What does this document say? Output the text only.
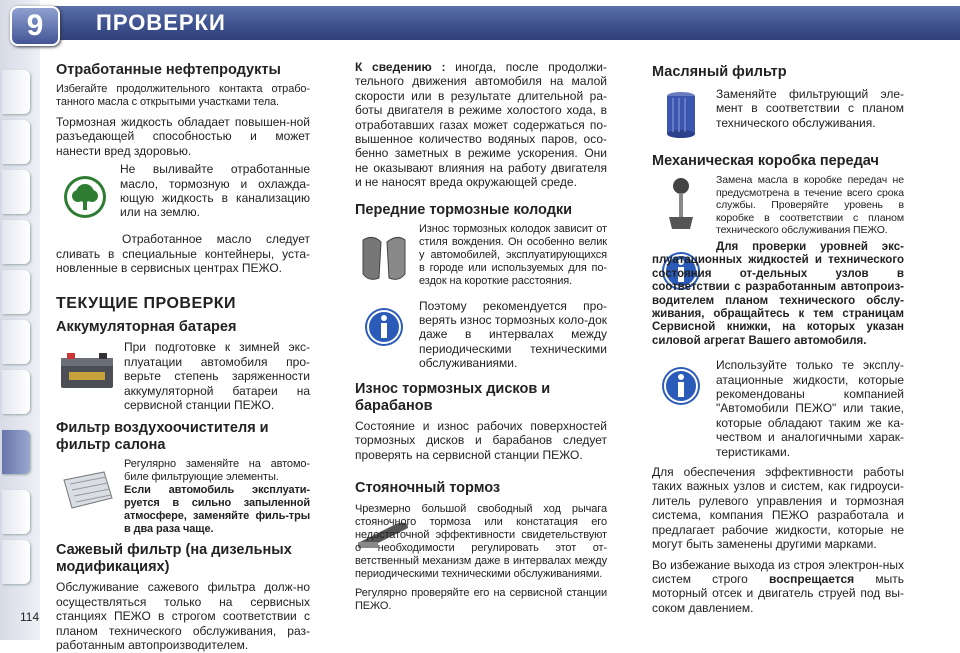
9	ПРОВЕРКИ
Отработанные нефтепродукты

Избегайте продолжительного контакта отрабо-танного масла с открытыми участками тела.

Тормозная жидкость обладает повышен-ной разъедающей способностью и может нанести вред здоровью.

Не выливайте отработанные масло, тормозную и охлажда-ющую жидкость в канализацию или на землю.

Отработанное масло следует сливать в специальные контейнеры, уста-новленные в сервисных центрах ПЕЖО.

ТЕКУЩИЕ ПРОВЕРКИ
Аккумуляторная батарея

При подготовке к зимней экс-плуатации автомобиля про-верьте степень заряженности аккумуляторной батареи на сервисной станции ПЕЖО.

Фильтр воздухоочистителя и фильтр салона

Регулярно заменяйте на автомо-биле фильтрующие элементы.

Если автомобиль эксплуати-руется в сильно запыленной атмосфере, заменяйте филь-тры в два раза чаще.

Сажевый фильтр (на дизельных модификациях)

Обслуживание сажевого фильтра долж-но осуществляться только на сервисных станциях ПЕЖО в строгом соответствии с планом технического обслуживания, раз-работанным автопроизводителем.

К сведению : иногда, после продолжи-тельного движения автомобиля на малой скорости или в результате длительной ра-боты двигателя в режиме холостого хода, в отработавших газах может содержаться по-вышенное количество водяных паров, осо-бенно заметных в режиме ускорения. Они не оказывают влияния на работу двигателя и не наносят вреда окружающей среде.

Передние тормозные колодки

Износ тормозных колодок зависит от стиля вождения. Он особенно велик у автомобилей, эксплуатирующихся в городе или используемых для по-ездок на короткие расстояния.

Поэтому рекомендуется про-верять износ тормозных коло-док даже в интервалах между периодическими техническими обслуживаниями.

Износ тормозных дисков и барабанов

Состояние и износ рабочих поверхностей тормозных дисков и барабанов следует проверять на сервисной станции ПЕЖО.

Стояночный тормоз

Чрезмерно большой свободный ход рычага стояночного тормоза или констатация его недостаточной эффективности свидетельствуют о необходимости регулировать этот от-ветственный механизм даже в интервалах между периодическими техническими обслуживаниями.

Регулярно проверяйте его на сервисной станции ПЕЖО.

Масляный фильтр

Заменяйте фильтрующий эле-мент в соответствии с планом технического обслуживания.

Механическая коробка передач

Замена масла в коробке передач не предусмотрена в течение всего срока службы. Проверяйте уровень в коробке в соответствии с планом технического обслуживания ПЕЖО.

Для проверки уровней экс-плуатационных жидкостей и технического состояния от-дельных узлов в соответствии с разработанным автопроиз-водителем планом технического обслу-живания, обращайтесь к тем страницам Сервисной книжки, на которых указан силовой агрегат Вашего автомобиля.

Используйте только те эксплу-атационные жидкости, которые рекомендованы компанией "Автомобили ПЕЖО" или такие, которые обладают таким же ка-чеством и аналогичными харак-теристиками.

Для обеспечения эффективности работы таких важных узлов и систем, как гидроуси-литель рулевого управления и тормозная система, компания ПЕЖО разработала и предлагает рабочие жидкости, которые не могут быть заменены другими марками.

Во избежание выхода из строя электрон-ных систем строго воспрещается мыть моторный отсек и двигатель струей под вы-соком давлением.

114
